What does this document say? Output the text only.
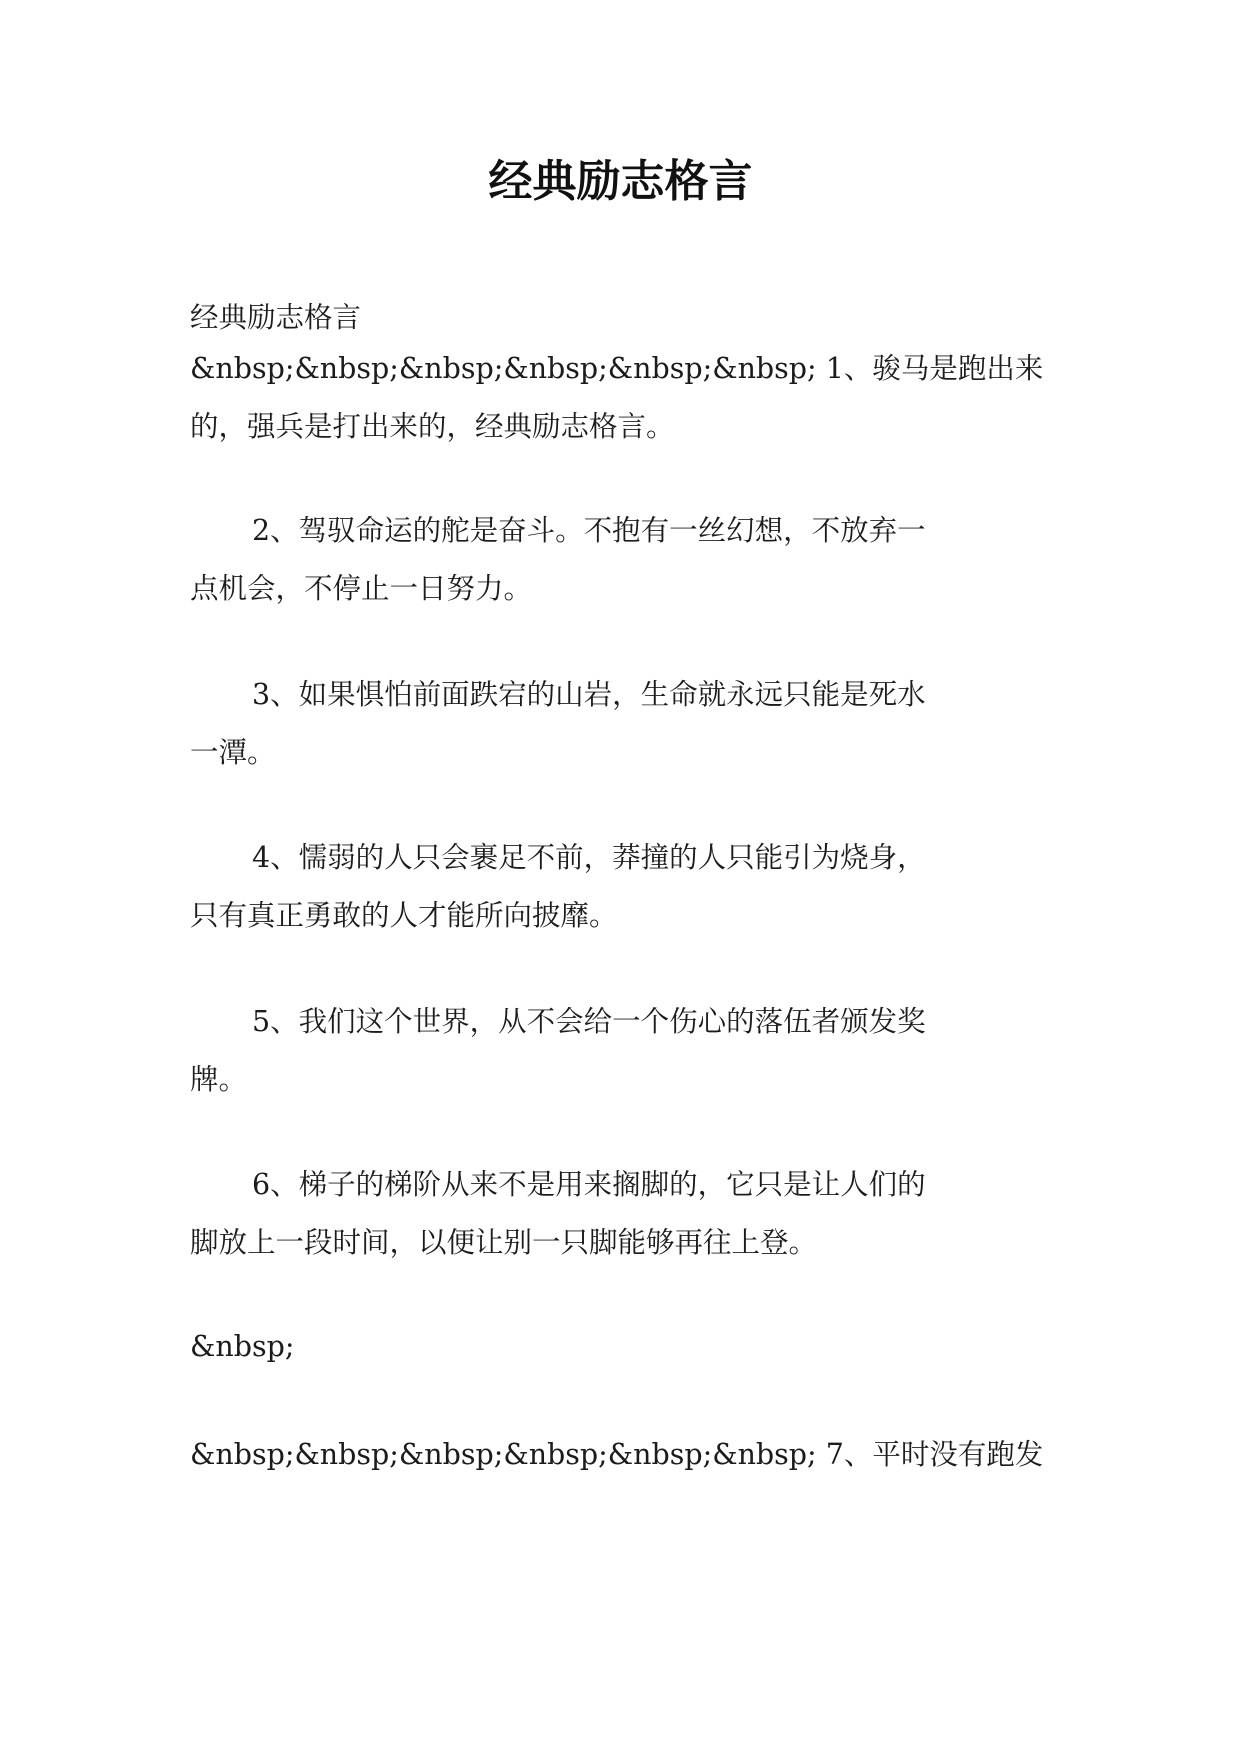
经典励志格言

经典励志格言

&nbsp;&nbsp;&nbsp;&nbsp;&nbsp;&nbsp; 1、骏马是跑出来
的，强兵是打出来的，经典励志格言。

2、驾驭命运的舵是奋斗。不抱有一丝幻想，不放弃一
点机会，不停止一日努力。

3、如果惧怕前面跌宕的山岩，生命就永远只能是死水
一潭。

4、懦弱的人只会裹足不前，莽撞的人只能引为烧身，
只有真正勇敢的人才能所向披靡。

5、我们这个世界，从不会给一个伤心的落伍者颁发奖
牌。

6、梯子的梯阶从来不是用来搁脚的，它只是让人们的
脚放上一段时间，以便让别一只脚能够再往上登。

&nbsp;

&nbsp;&nbsp;&nbsp;&nbsp;&nbsp;&nbsp; 7、平时没有跑发
